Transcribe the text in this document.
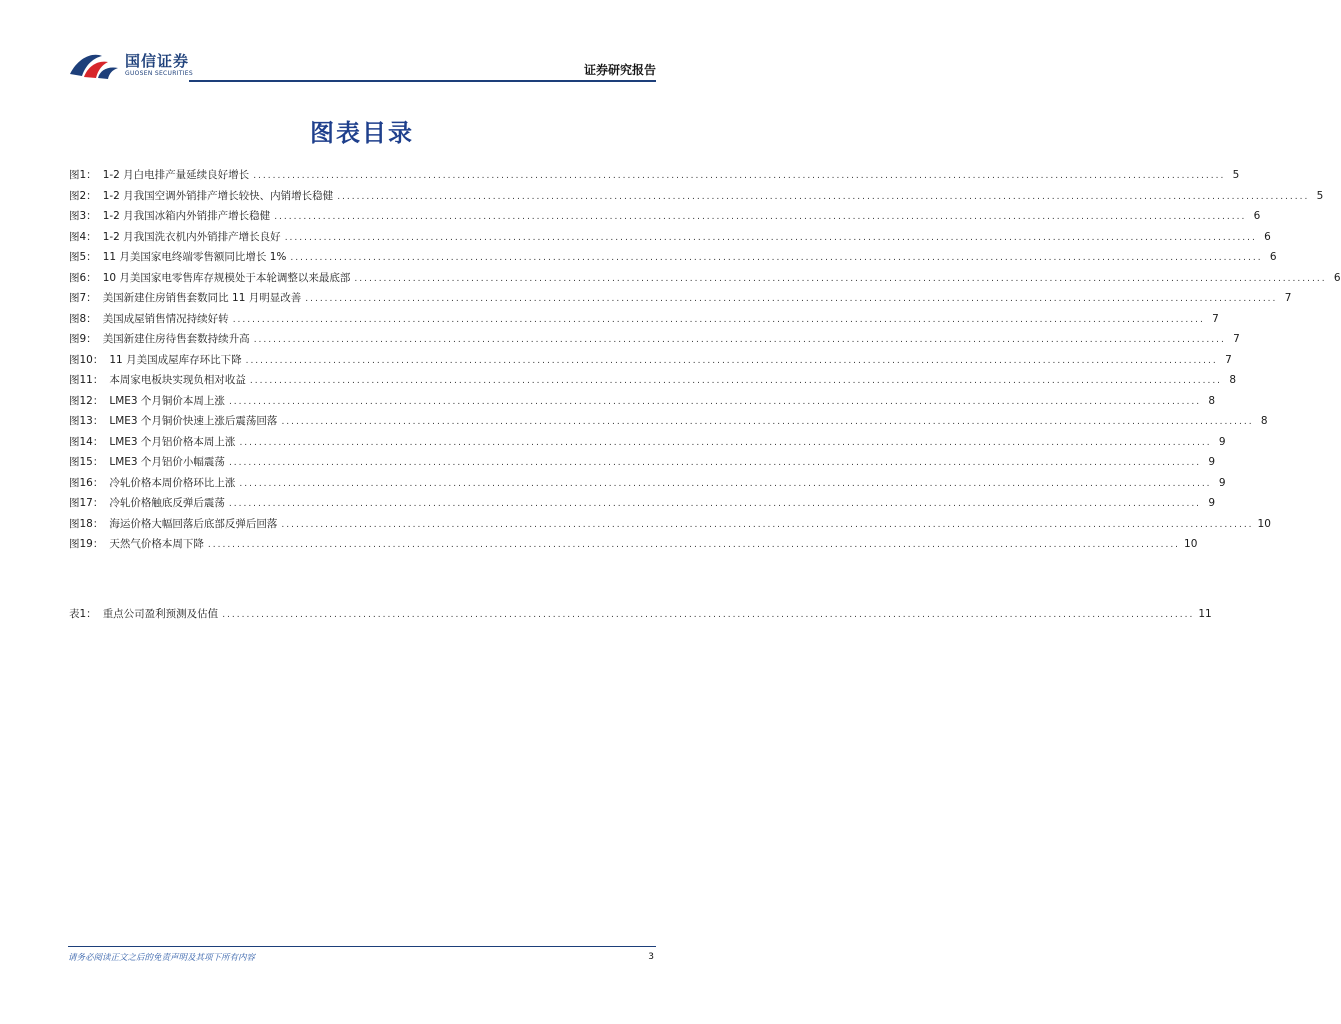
国信证券
GUOSEN SECURITIES	证券研究报告
图表目录
图1： 1-2 月白电排产量延续良好增长 ........................................................................................................................................................................................................ 5
图2： 1-2 月我国空调外销排产增长较快、内销增长稳健 ........................................................................................................................................................................................................ 5
图3： 1-2 月我国冰箱内外销排产增长稳健 ........................................................................................................................................................................................................ 6
图4： 1-2 月我国洗衣机内外销排产增长良好 ........................................................................................................................................................................................................ 6
图5： 11 月美国家电终端零售额同比增长 1% ........................................................................................................................................................................................................ 6
图6： 10 月美国家电零售库存规模处于本轮调整以来最底部 ........................................................................................................................................................................................................ 6
图7： 美国新建住房销售套数同比 11 月明显改善 ........................................................................................................................................................................................................ 7
图8： 美国成屋销售情况持续好转 ........................................................................................................................................................................................................ 7
图9： 美国新建住房待售套数持续升高 ........................................................................................................................................................................................................ 7
图10： 11 月美国成屋库存环比下降 ........................................................................................................................................................................................................ 7
图11： 本周家电板块实现负相对收益 ........................................................................................................................................................................................................ 8
图12： LME3 个月铜价本周上涨 ........................................................................................................................................................................................................ 8
图13： LME3 个月铜价快速上涨后震荡回落 ........................................................................................................................................................................................................ 8
图14： LME3 个月铝价格本周上涨 ........................................................................................................................................................................................................ 9
图15： LME3 个月铝价小幅震荡 ........................................................................................................................................................................................................ 9
图16： 冷轧价格本周价格环比上涨 ........................................................................................................................................................................................................ 9
图17： 冷轧价格触底反弹后震荡 ........................................................................................................................................................................................................ 9
图18： 海运价格大幅回落后底部反弹后回落 ........................................................................................................................................................................................................ 10
图19： 天然气价格本周下降 ........................................................................................................................................................................................................ 10
表1： 重点公司盈利预测及估值 ........................................................................................................................................................................................................ 11
请务必阅读正文之后的免责声明及其项下所有内容	3
